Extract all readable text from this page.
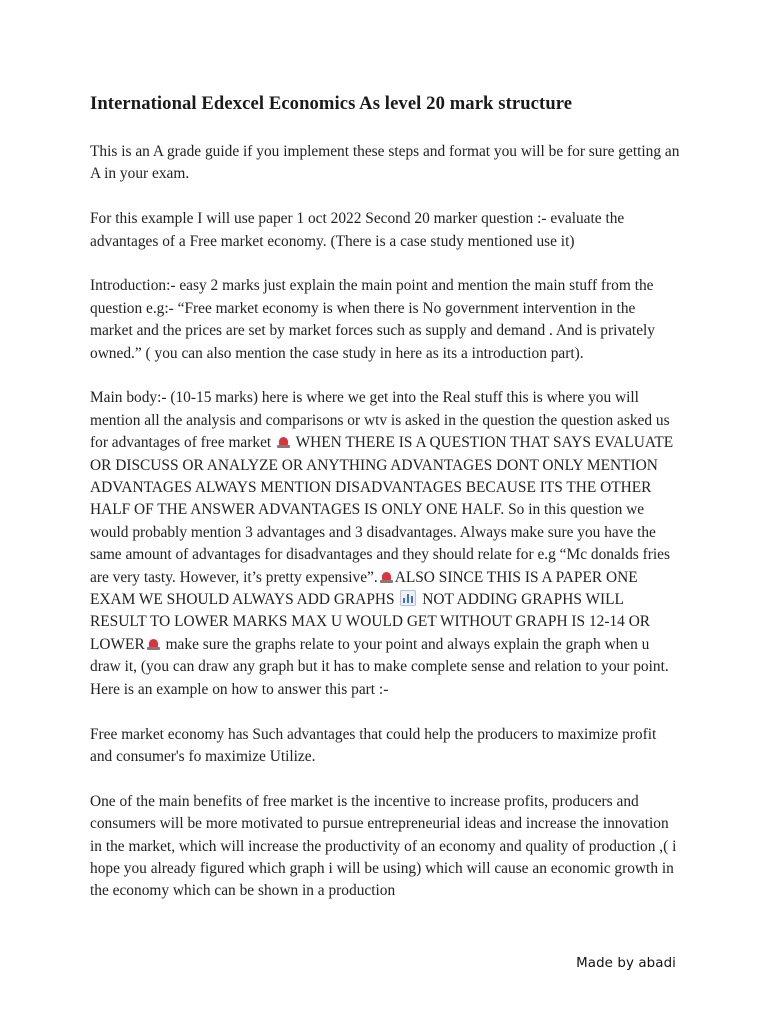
International Edexcel Economics As level 20 mark structure

This is an A grade guide if you implement these steps and format you will be for sure getting an A in your exam.

For this example I will use paper 1 oct 2022 Second 20 marker question :- evaluate the advantages of a Free market economy. (There is a case study mentioned use it)

Introduction:- easy 2 marks just explain the main point and mention the main stuff from the question e.g:- “Free market economy is when there is No government intervention in the market and the prices are set by market forces such as supply and demand . And is privately owned.” ( you can also mention the case study in here as its a introduction part).

Main body:- (10-15 marks) here is where we get into the Real stuff this is where you will mention all the analysis and comparisons or wtv is asked in the question the question asked us for advantages of free market WHEN THERE IS A QUESTION THAT SAYS EVALUATE OR DISCUSS OR ANALYZE OR ANYTHING ADVANTAGES DONT ONLY MENTION ADVANTAGES ALWAYS MENTION DISADVANTAGES BECAUSE ITS THE OTHER HALF OF THE ANSWER ADVANTAGES IS ONLY ONE HALF. So in this question we would probably mention 3 advantages and 3 disadvantages. Always make sure you have the same amount of advantages for disadvantages and they should relate for e.g “Mc donalds fries are very tasty. However, it’s pretty expensive”. ALSO SINCE THIS IS A PAPER ONE EXAM WE SHOULD ALWAYS ADD GRAPHS NOT ADDING GRAPHS WILL RESULT TO LOWER MARKS MAX U WOULD GET WITHOUT GRAPH IS 12-14 OR LOWER make sure the graphs relate to your point and always explain the graph when u draw it, (you can draw any graph but it has to make complete sense and relation to your point. Here is an example on how to answer this part :-

Free market economy has Such advantages that could help the producers to maximize profit and consumer's fo maximize Utilize.

One of the main benefits of free market is the incentive to increase profits, producers and consumers will be more motivated to pursue entrepreneurial ideas and increase the innovation in the market, which will increase the productivity of an economy and quality of production ,( i hope you already figured which graph i will be using) which will cause an economic growth in the economy which can be shown in a production

Made by abadi
